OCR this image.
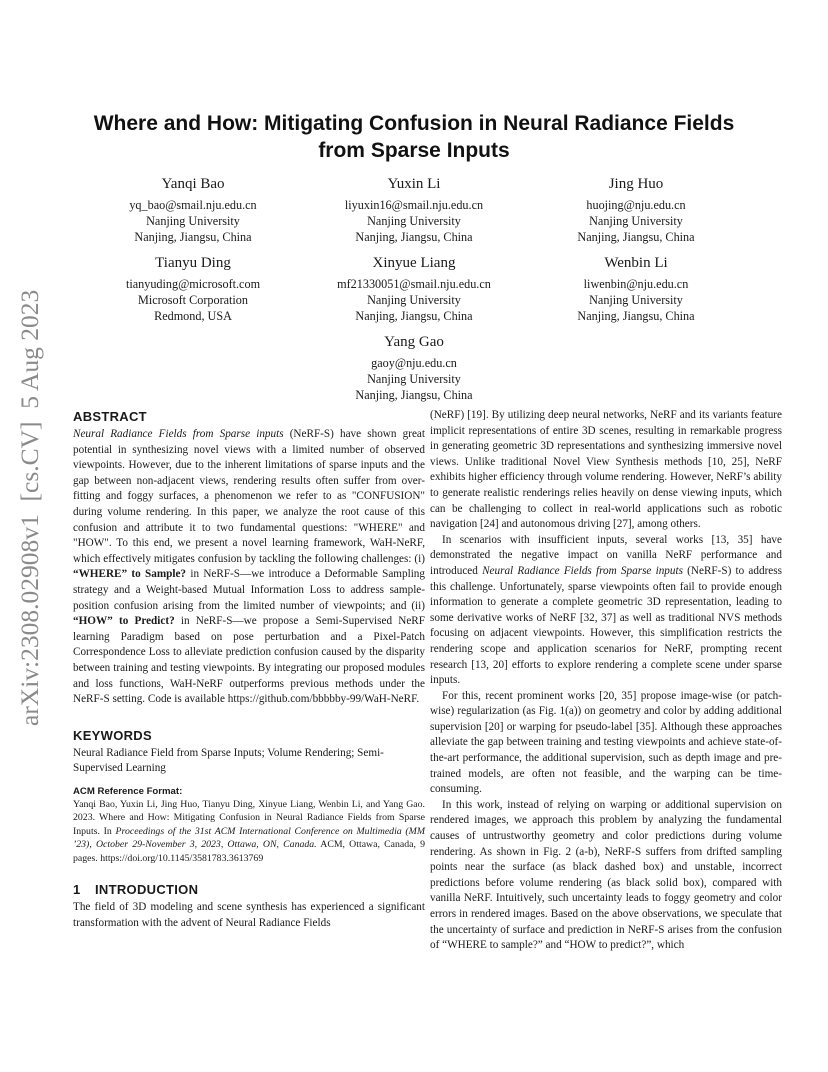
arXiv:2308.02908v1  [cs.CV]  5 Aug 2023
Where and How: Mitigating Confusion in Neural Radiance Fields
from Sparse Inputs
Yanqi Bao
yq_bao@smail.nju.edu.cn
Nanjing University
Nanjing, Jiangsu, China
Yuxin Li
liyuxin16@smail.nju.edu.cn
Nanjing University
Nanjing, Jiangsu, China
Jing Huo
huojing@nju.edu.cn
Nanjing University
Nanjing, Jiangsu, China
Tianyu Ding
tianyuding@microsoft.com
Microsoft Corporation
Redmond, USA
Xinyue Liang
mf21330051@smail.nju.edu.cn
Nanjing University
Nanjing, Jiangsu, China
Wenbin Li
liwenbin@nju.edu.cn
Nanjing University
Nanjing, Jiangsu, China
Yang Gao
gaoy@nju.edu.cn
Nanjing University
Nanjing, Jiangsu, China
ABSTRACT

Neural Radiance Fields from Sparse inputs (NeRF-S) have shown great potential in synthesizing novel views with a limited number of observed viewpoints. However, due to the inherent limitations of sparse inputs and the gap between non-adjacent views, rendering results often suffer from over-fitting and foggy surfaces, a phenomenon we refer to as "CONFUSION" during volume rendering. In this paper, we analyze the root cause of this confusion and attribute it to two fundamental questions: "WHERE" and "HOW". To this end, we present a novel learning framework, WaH-NeRF, which effectively mitigates confusion by tackling the following challenges: (i) “WHERE” to Sample? in NeRF-S—we introduce a Deformable Sampling strategy and a Weight-based Mutual Information Loss to address sample-position confusion arising from the limited number of viewpoints; and (ii) “HOW” to Predict? in NeRF-S—we propose a Semi-Supervised NeRF learning Paradigm based on pose perturbation and a Pixel-Patch Correspondence Loss to alleviate prediction confusion caused by the disparity between training and testing viewpoints. By integrating our proposed modules and loss functions, WaH-NeRF outperforms previous methods under the NeRF-S setting. Code is available https://github.com/bbbbby-99/WaH-NeRF.

KEYWORDS

Neural Radiance Field from Sparse Inputs; Volume Rendering; Semi-Supervised Learning

ACM Reference Format:

Yanqi Bao, Yuxin Li, Jing Huo, Tianyu Ding, Xinyue Liang, Wenbin Li, and Yang Gao. 2023. Where and How: Mitigating Confusion in Neural Radiance Fields from Sparse Inputs. In Proceedings of the 31st ACM International Conference on Multimedia (MM ’23), October 29-November 3, 2023, Ottawa, ON, Canada. ACM, Ottawa, Canada, 9 pages. https://doi.org/10.1145/3581783.3613769

1 INTRODUCTION

The field of 3D modeling and scene synthesis has experienced a significant transformation with the advent of Neural Radiance Fields

(NeRF) [19]. By utilizing deep neural networks, NeRF and its variants feature implicit representations of entire 3D scenes, resulting in remarkable progress in generating geometric 3D representations and synthesizing immersive novel views. Unlike traditional Novel View Synthesis methods [10, 25], NeRF exhibits higher efficiency through volume rendering. However, NeRF’s ability to generate realistic renderings relies heavily on dense viewing inputs, which can be challenging to collect in real-world applications such as robotic navigation [24] and autonomous driving [27], among others.

In scenarios with insufficient inputs, several works [13, 35] have demonstrated the negative impact on vanilla NeRF performance and introduced Neural Radiance Fields from Sparse inputs (NeRF-S) to address this challenge. Unfortunately, sparse viewpoints often fail to provide enough information to generate a complete geometric 3D representation, leading to some derivative works of NeRF [32, 37] as well as traditional NVS methods focusing on adjacent viewpoints. However, this simplification restricts the rendering scope and application scenarios for NeRF, prompting recent research [13, 20] efforts to explore rendering a complete scene under sparse inputs.

For this, recent prominent works [20, 35] propose image-wise (or patch-wise) regularization (as Fig. 1(a)) on geometry and color by adding additional supervision [20] or warping for pseudo-label [35]. Although these approaches alleviate the gap between training and testing viewpoints and achieve state-of-the-art performance, the additional supervision, such as depth image and pre-trained models, are often not feasible, and the warping can be time-consuming.

In this work, instead of relying on warping or additional supervision on rendered images, we approach this problem by analyzing the fundamental causes of untrustworthy geometry and color predictions during volume rendering. As shown in Fig. 2 (a-b), NeRF-S suffers from drifted sampling points near the surface (as black dashed box) and unstable, incorrect predictions before volume rendering (as black solid box), compared with vanilla NeRF. Intuitively, such uncertainty leads to foggy geometry and color errors in rendered images. Based on the above observations, we speculate that the uncertainty of surface and prediction in NeRF-S arises from the confusion of “WHERE to sample?” and “HOW to predict?”, which
